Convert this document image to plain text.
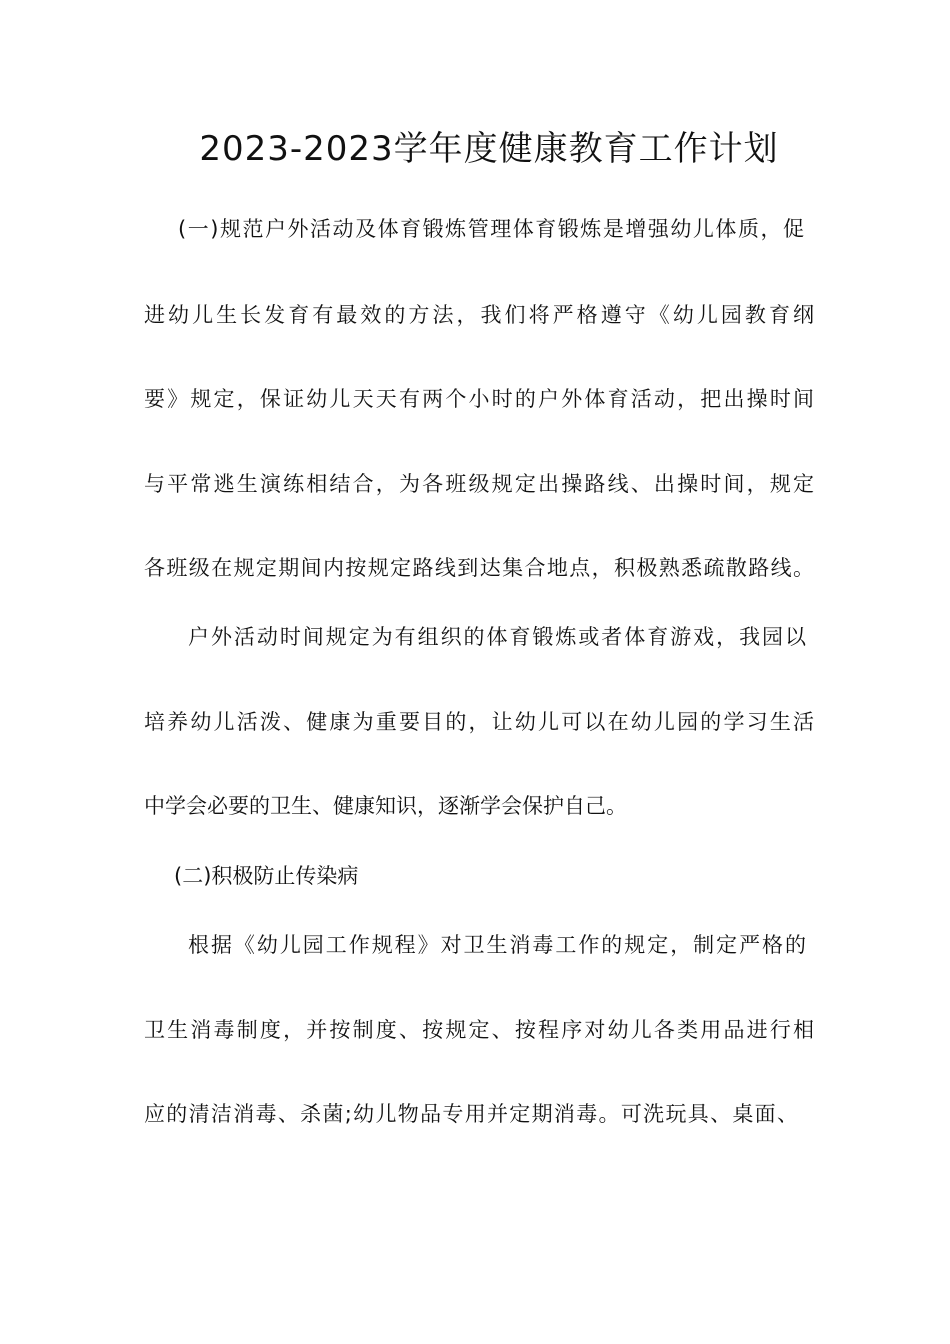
2023-2023学年度健康教育工作计划
(一)规范户外活动及体育锻炼管理体育锻炼是增强幼儿体质，促
进幼儿生长发育有最效的方法，我们将严格遵守《幼儿园教育纲
要》规定，保证幼儿天天有两个小时的户外体育活动，把出操时间
与平常逃生演练相结合，为各班级规定出操路线、出操时间，规定
各班级在规定期间内按规定路线到达集合地点，积极熟悉疏散路线。
户外活动时间规定为有组织的体育锻炼或者体育游戏，我园以
培养幼儿活泼、健康为重要目的，让幼儿可以在幼儿园的学习生活
中学会必要的卫生、健康知识，逐渐学会保护自己。
(二)积极防止传染病
根据《幼儿园工作规程》对卫生消毒工作的规定，制定严格的
卫生消毒制度，并按制度、按规定、按程序对幼儿各类用品进行相
应的清洁消毒、杀菌;幼儿物品专用并定期消毒。可洗玩具、桌面、
